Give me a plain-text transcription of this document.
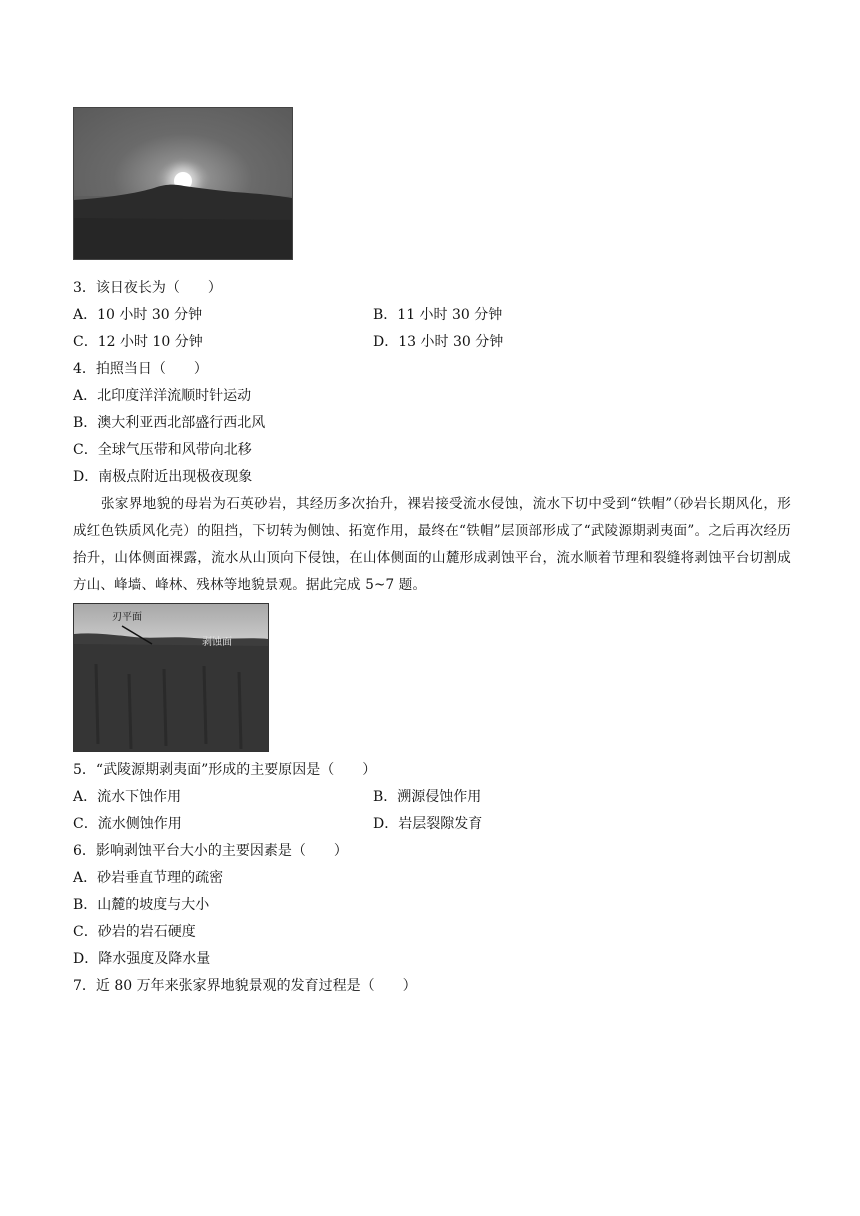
3．该日夜长为（　　）
A．10 小时 30 分钟	B．11 小时 30 分钟
C．12 小时 10 分钟	D．13 小时 30 分钟
4．拍照当日（　　）
A．北印度洋洋流顺时针运动
B．澳大利亚西北部盛行西北风
C．全球气压带和风带向北移
D．南极点附近出现极夜现象
张家界地貌的母岩为石英砂岩，其经历多次抬升，裸岩接受流水侵蚀，流水下切中受到“铁帽”（砂岩长期风化，形成红色铁质风化壳）的阻挡，下切转为侧蚀、拓宽作用，最终在“铁帽”层顶部形成了“武陵源期剥夷面”。之后再次经历抬升，山体侧面裸露，流水从山顶向下侵蚀，在山体侧面的山麓形成剥蚀平台，流水顺着节理和裂缝将剥蚀平台切割成方山、峰墙、峰林、残林等地貌景观。据此完成 5~7 题。
刃平面
剥蚀面
5．“武陵源期剥夷面”形成的主要原因是（　　）
A．流水下蚀作用	B．溯源侵蚀作用
C．流水侧蚀作用	D．岩层裂隙发育
6．影响剥蚀平台大小的主要因素是（　　）
A．砂岩垂直节理的疏密
B．山麓的坡度与大小
C．砂岩的岩石硬度
D．降水强度及降水量
7．近 80 万年来张家界地貌景观的发育过程是（　　）
